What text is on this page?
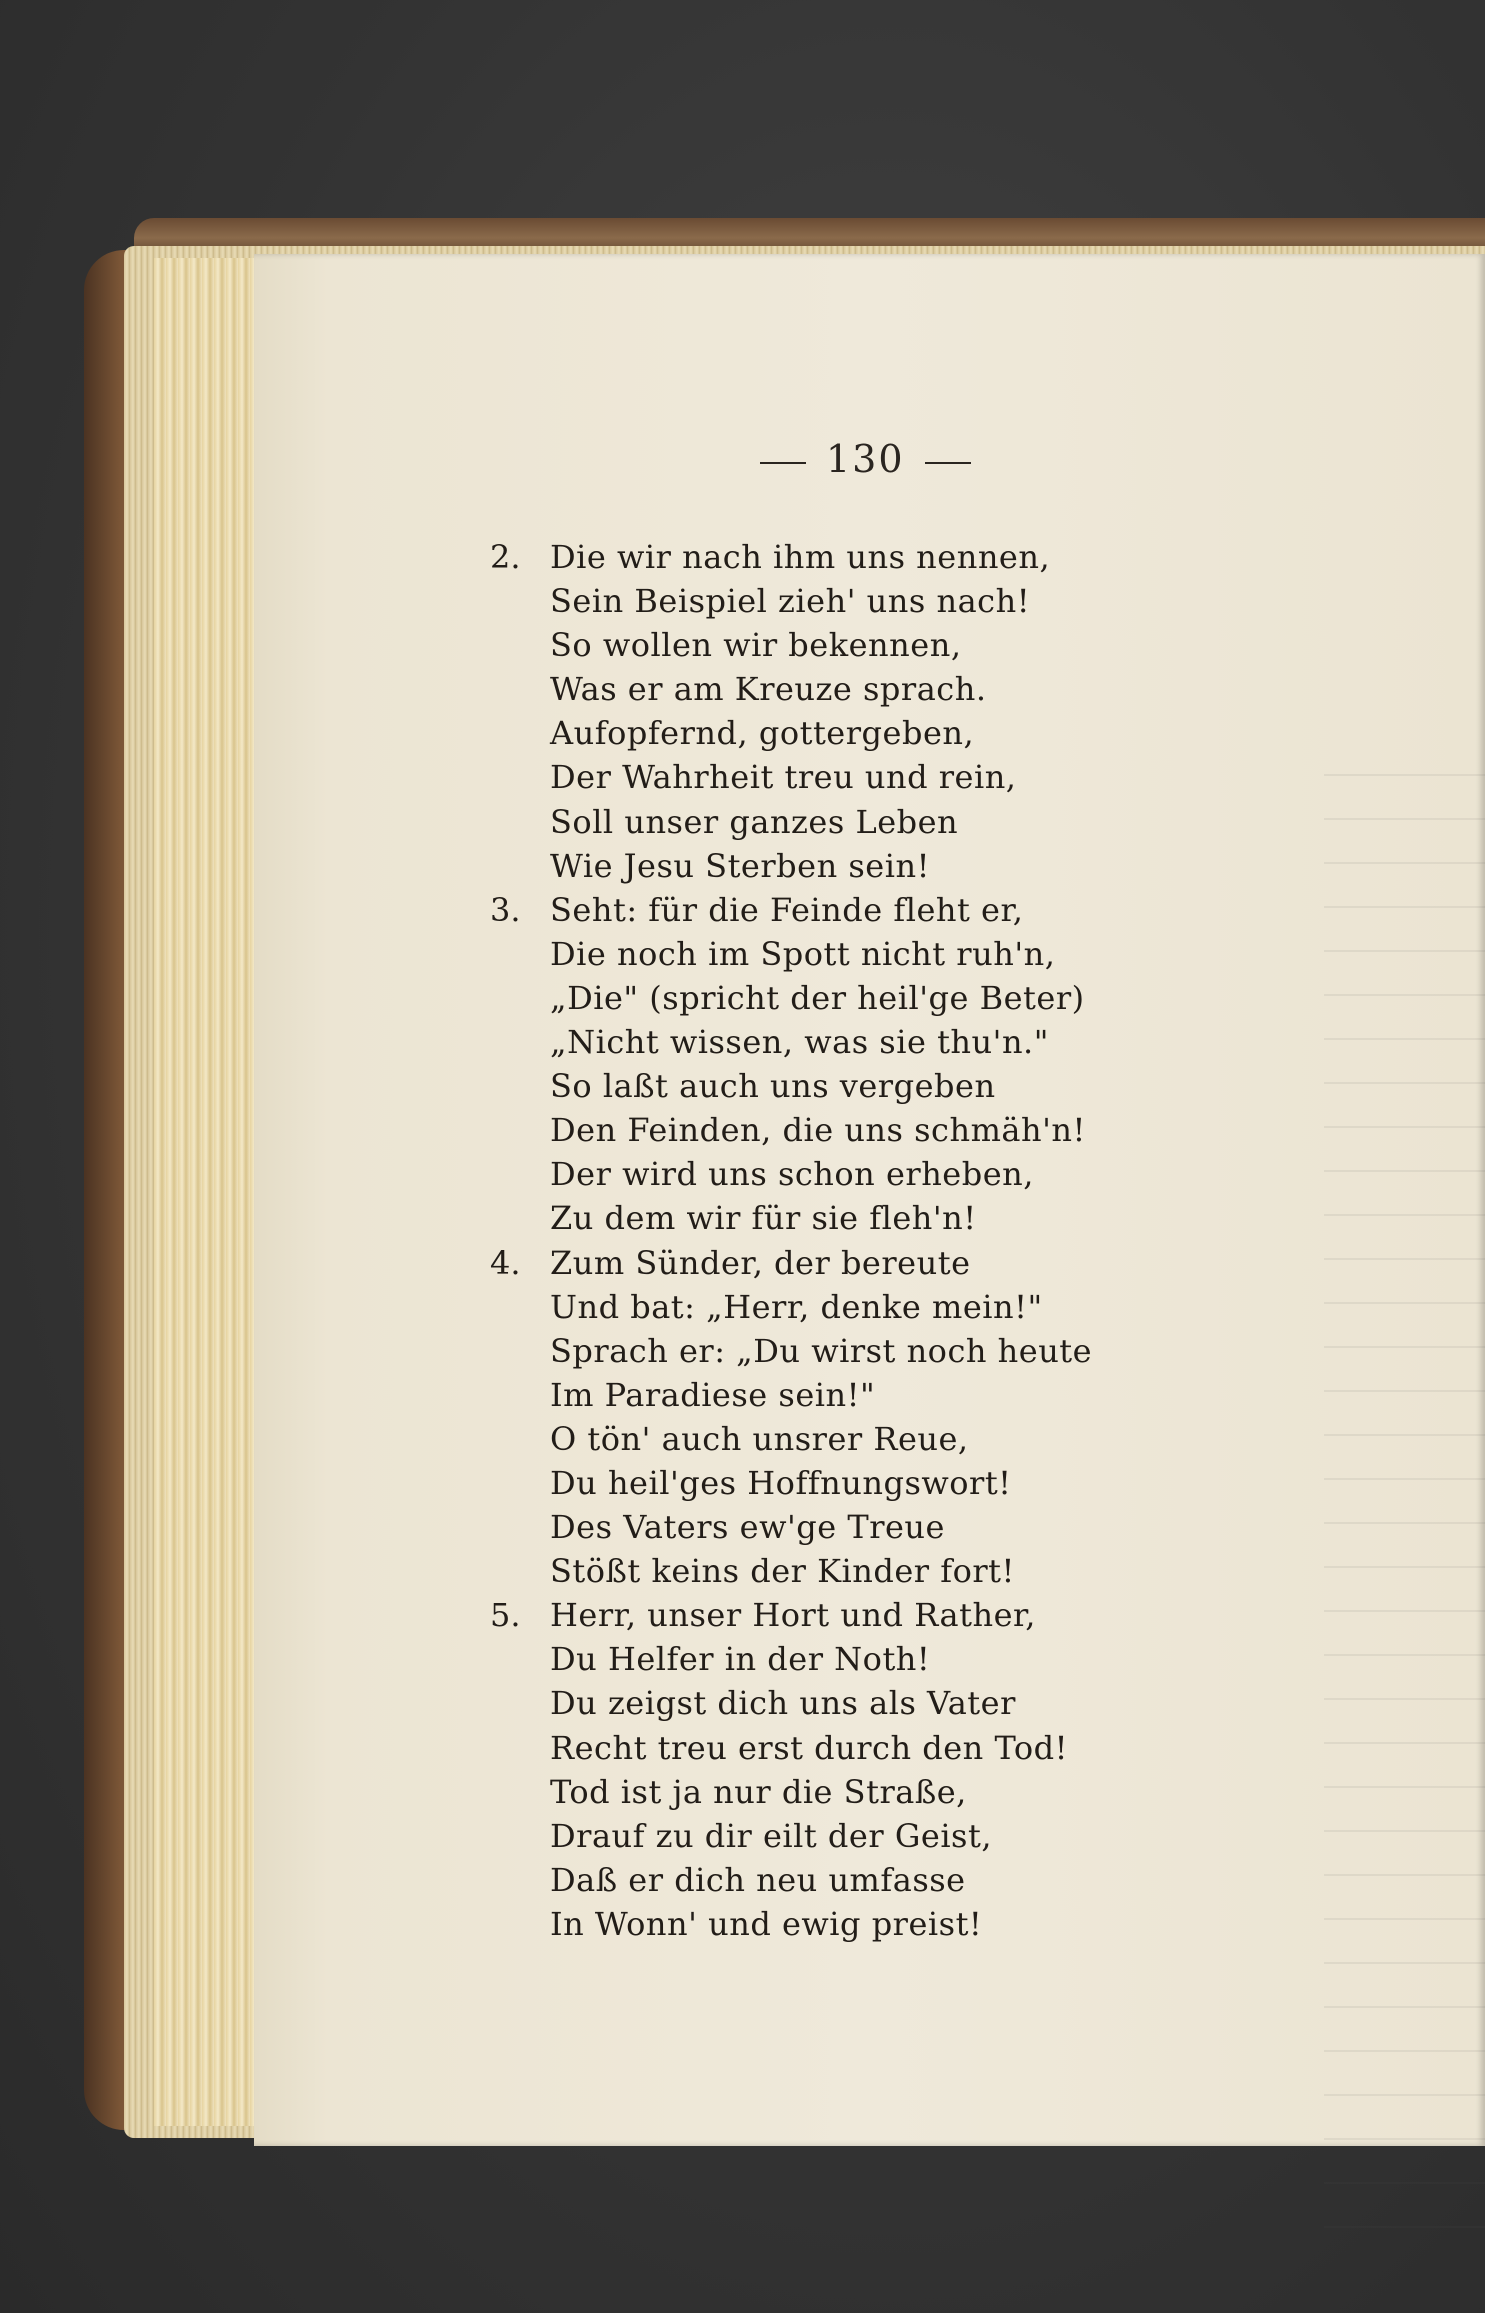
130
2. Die wir nach ihm uns nennen,
Sein Beispiel zieh' uns nach!
So wollen wir bekennen,
Was er am Kreuze sprach.
Aufopfernd, gottergeben,
Der Wahrheit treu und rein,
Soll unser ganzes Leben
Wie Jesu Sterben sein!
3. Seht: für die Feinde fleht er,
Die noch im Spott nicht ruh'n,
„Die" (spricht der heil'ge Beter)
„Nicht wissen, was sie thu'n."
So laßt auch uns vergeben
Den Feinden, die uns schmäh'n!
Der wird uns schon erheben,
Zu dem wir für sie fleh'n!
4. Zum Sünder, der bereute
Und bat: „Herr, denke mein!"
Sprach er: „Du wirst noch heute
Im Paradiese sein!"
O tön' auch unsrer Reue,
Du heil'ges Hoffnungswort!
Des Vaters ew'ge Treue
Stößt keins der Kinder fort!
5. Herr, unser Hort und Rather,
Du Helfer in der Noth!
Du zeigst dich uns als Vater
Recht treu erst durch den Tod!
Tod ist ja nur die Straße,
Drauf zu dir eilt der Geist,
Daß er dich neu umfasse
In Wonn' und ewig preist!
